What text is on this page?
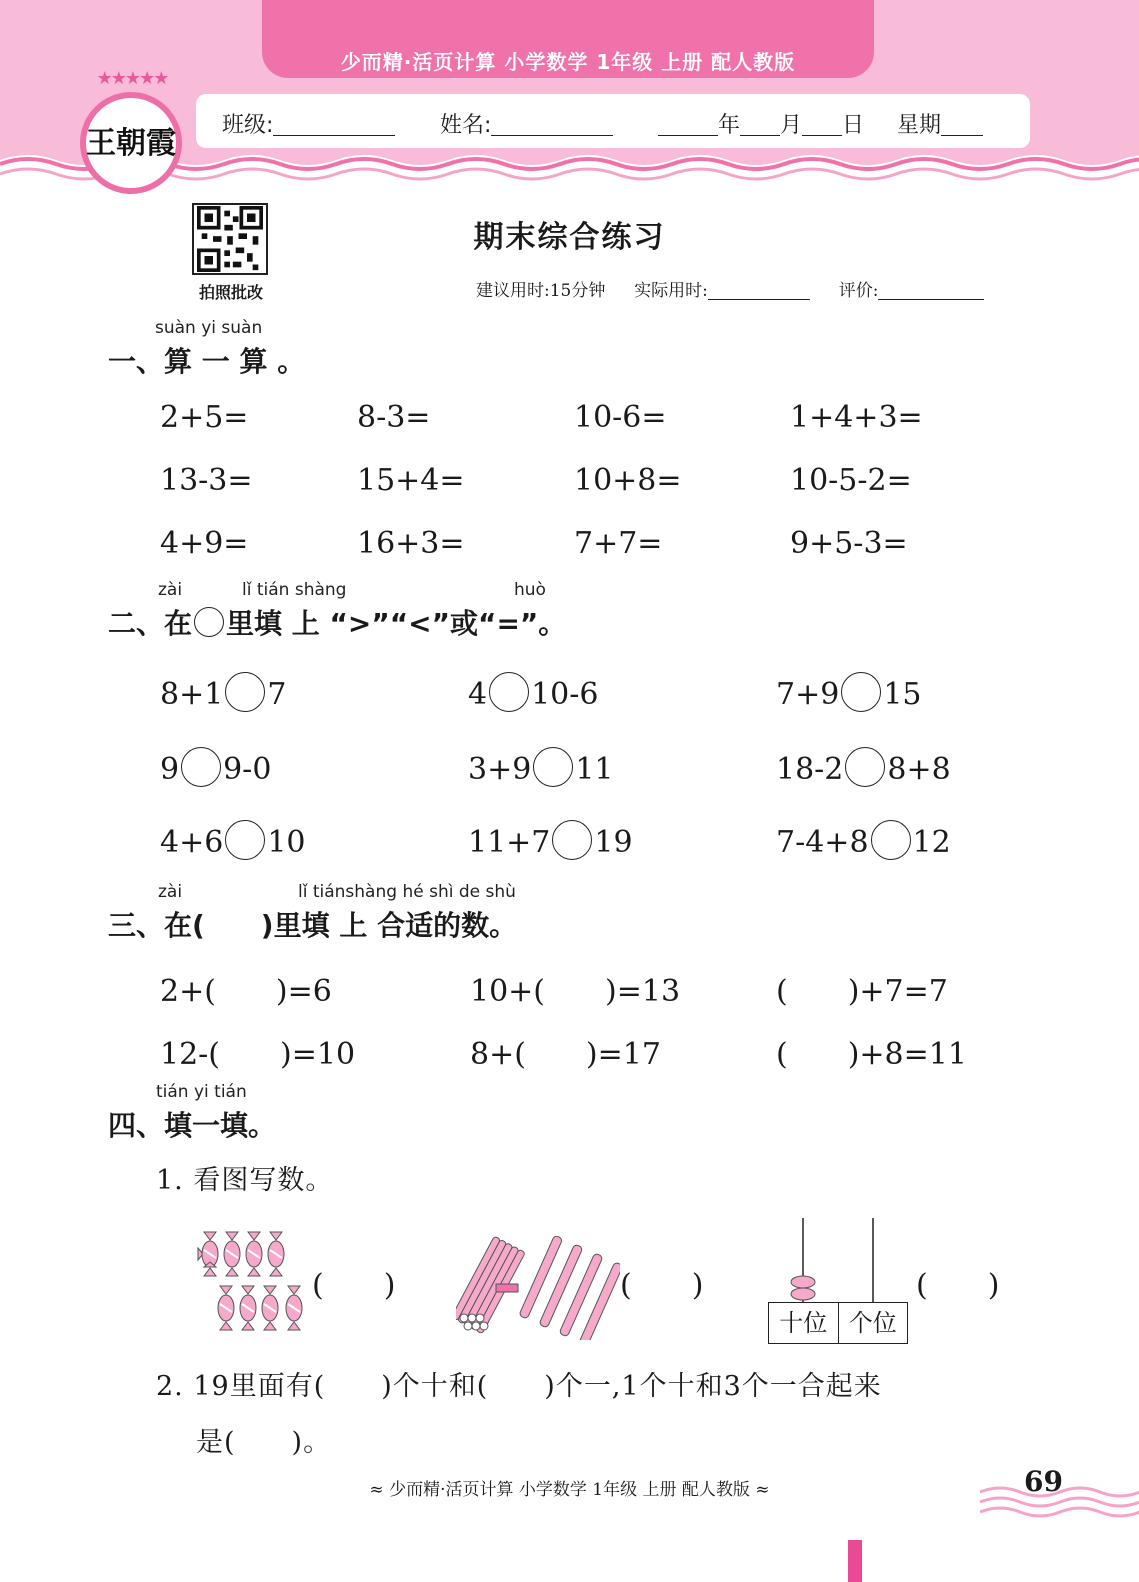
少而精·活页计算 小学数学 1年级 上册 配人教版
班级:	姓名:	年 月 日 星期
★★★★★
王朝霞
拍照批改
期末综合练习
建议用时:15分钟 实际用时:	评价:
suàn yi suàn
一、算 一 算 。
2+5=	8-3=	10-6=	1+4+3=
13-3=	15+4=	10+8=	10-5-2=
4+9=	16+3=	7+7=	9+5-3=
zài	lǐ tián shàng	huò
二、在 里填 上 “>”“<”或“=”。
8+1 7	4 10-6	7+9 15
9 9-0	3+9 11	18-2 8+8
4+6 10	11+7 19	7-4+8 12
zài	lǐ tiánshàng hé shì de shù
三、在(　　)里填 上 合适的数。
2+(　　)=6	10+(　　)=13	(　　)+7=7
12-(　　)=10	8+(　　)=17	(　　)+8=11
tián yi tián
四、填一填。
1. 看图写数。
(　　)	(　　)
十位 个位
(　　)
2. 19里面有(　　)个十和(　　)个一,1个十和3个一合起来
是(　　)。
≈ 少而精·活页计算 小学数学 1年级 上册 配人教版 ≈	69
